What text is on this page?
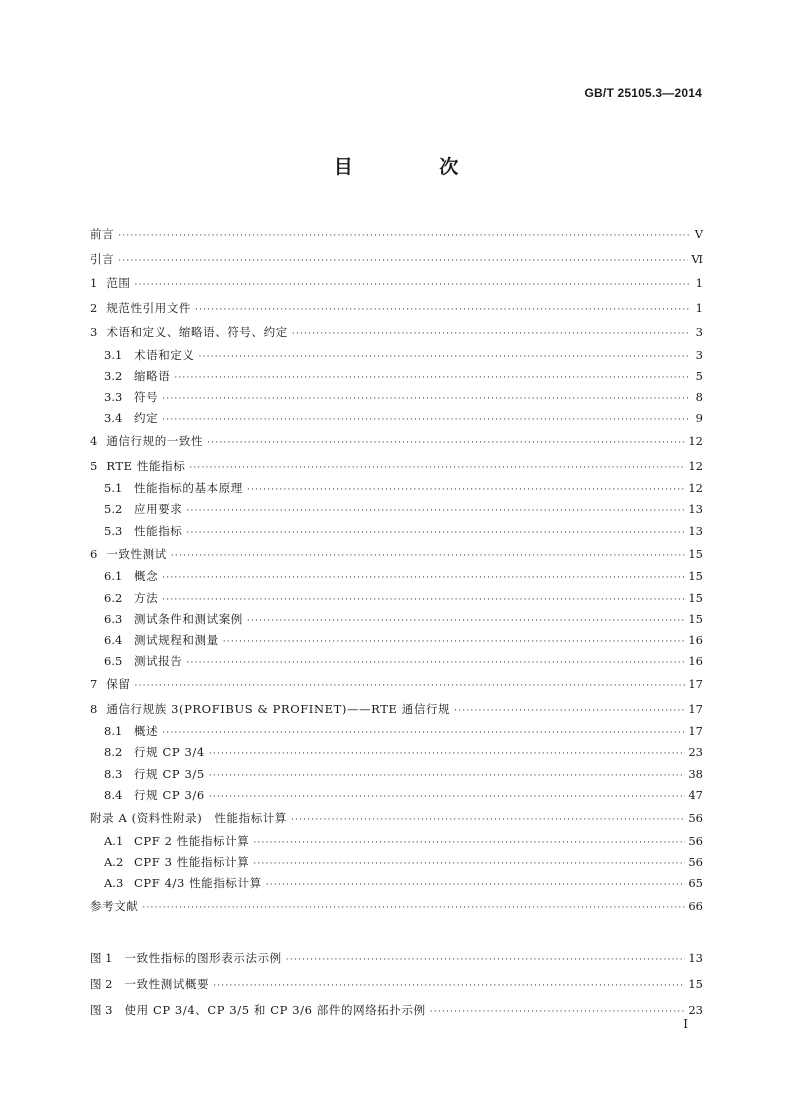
GB/T 25105.3—2014
目 次
前言 ·····	Ⅴ
引言 ·····	Ⅵ
1 范围 ·····	1
2 规范性引用文件 ·····	1
3 术语和定义、缩略语、符号、约定 ·····	3
3.1 术语和定义 ·····	3
3.2 缩略语 ·····	5
3.3 符号 ·····	8
3.4 约定 ·····	9
4 通信行规的一致性 ·····	12
5 RTE 性能指标 ·····	12
5.1 性能指标的基本原理 ·····	12
5.2 应用要求 ·····	13
5.3 性能指标 ·····	13
6 一致性测试 ·····	15
6.1 概念 ·····	15
6.2 方法 ·····	15
6.3 测试条件和测试案例 ·····	15
6.4 测试规程和测量 ·····	16
6.5 测试报告 ·····	16
7 保留 ·····	17
8 通信行规族 3(PROFIBUS & PROFINET)——RTE 通信行规 ·····	17
8.1 概述 ·····	17
8.2 行规 CP 3/4 ·····	23
8.3 行规 CP 3/5 ·····	38
8.4 行规 CP 3/6 ·····	47
附录 A (资料性附录)　性能指标计算 ·····	56
A.1 CPF 2 性能指标计算 ·····	56
A.2 CPF 3 性能指标计算 ·····	56
A.3 CPF 4/3 性能指标计算 ·····	65
参考文献 ·····	66
图 1 一致性指标的图形表示法示例 ·····	13
图 2 一致性测试概要 ·····	15
图 3 使用 CP 3/4、CP 3/5 和 CP 3/6 部件的网络拓扑示例 ·····	23
Ⅰ
